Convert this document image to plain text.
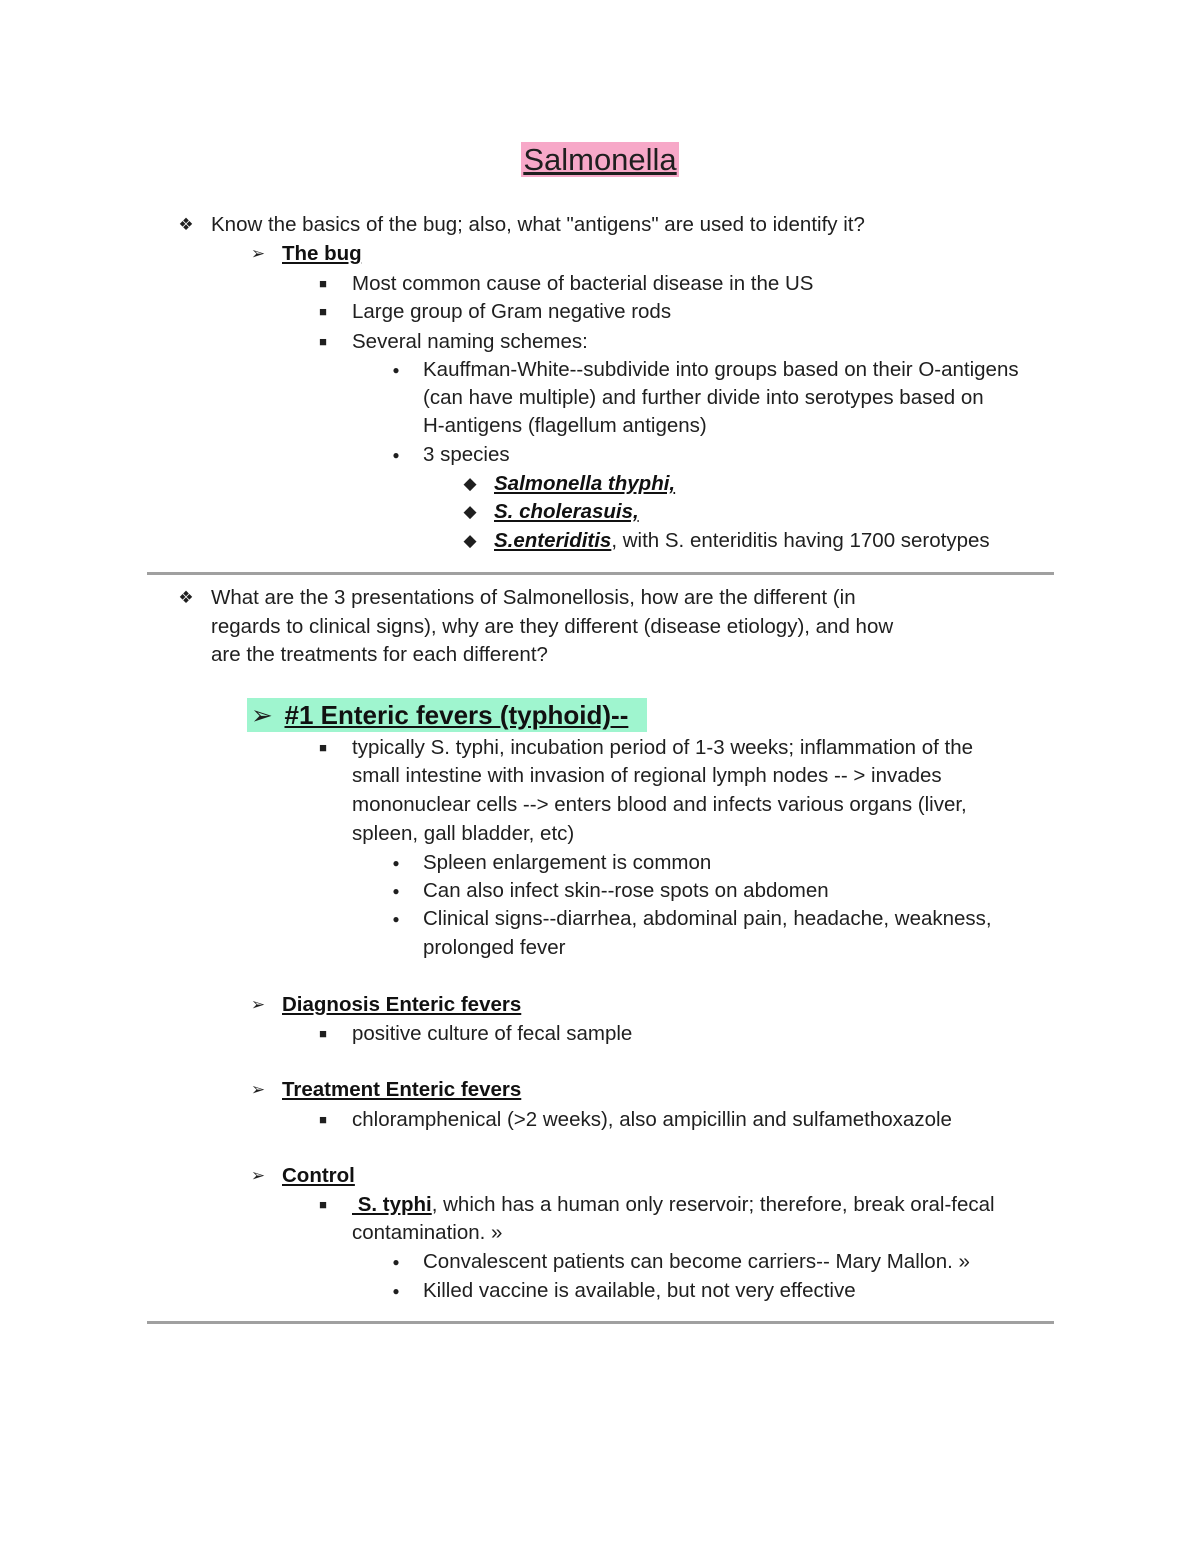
Salmonella
❖ Know the basics of the bug; also, what "antigens" are used to identify it?
➢ The bug
■	Most common cause of bacterial disease in the US
■	Large group of Gram negative rods
■	Several naming schemes:
●	Kauffman-White--subdivide into groups based on their O-antigens
(can have multiple) and further divide into serotypes based on
H-antigens (flagellum antigens)
●	3 species
◆ Salmonella thyphi,
◆ S. cholerasuis,
◆ S.enteriditis, with S. enteriditis having 1700 serotypes
❖ What are the 3 presentations of Salmonellosis, how are the different (in
regards to clinical signs), why are they different (disease etiology), and how
are the treatments for each different?
➢ #1 Enteric fevers (typhoid)--
■	typically S. typhi, incubation period of 1-3 weeks; inflammation of the
small intestine with invasion of regional lymph nodes -- > invades
mononuclear cells --> enters blood and infects various organs (liver,
spleen, gall bladder, etc)
●	Spleen enlargement is common
●	Can also infect skin--rose spots on abdomen
●	Clinical signs--diarrhea, abdominal pain, headache, weakness,
prolonged fever
➢ Diagnosis Enteric fevers
■	positive culture of fecal sample
➢ Treatment Enteric fevers
■	chloramphenical (>2 weeks), also ampicillin and sulfamethoxazole
➢ Control
■	S. typhi, which has a human only reservoir; therefore, break oral-fecal
contamination. »
●	Convalescent patients can become carriers-- Mary Mallon. »
●	Killed vaccine is available, but not very effective
